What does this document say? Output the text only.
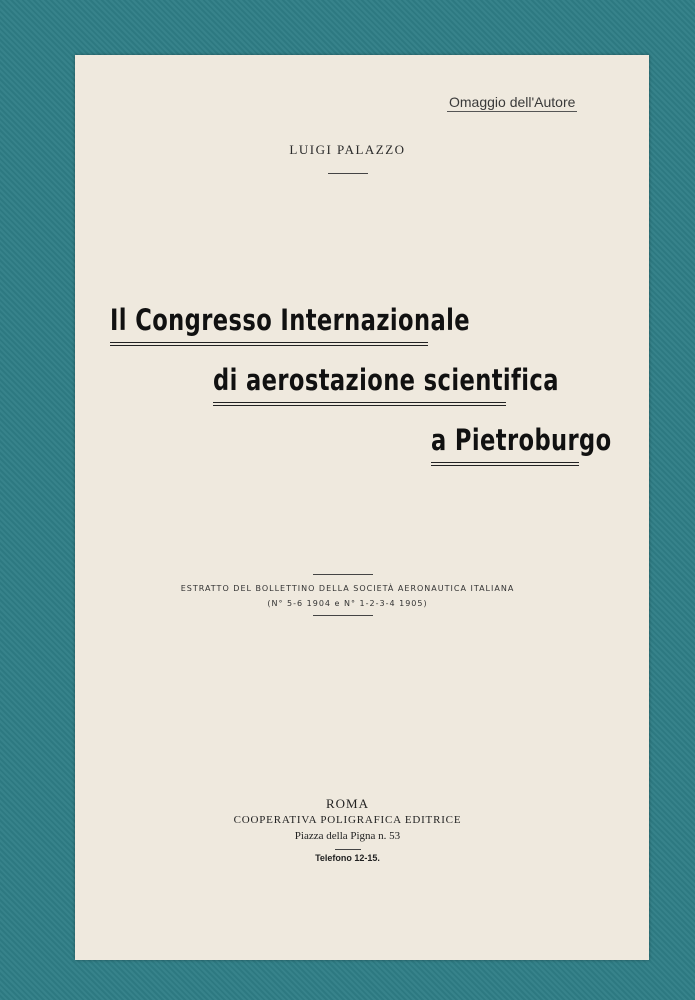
Omaggio dell'Autore
LUIGI PALAZZO
Il Congresso Internazionale
di aerostazione scientifica
a Pietroburgo
ESTRATTO DEL BOLLETTINO DELLA SOCIETÀ AERONAUTICA ITALIANA
(N° 5-6 1904 e N° 1-2-3-4 1905)
ROMA
COOPERATIVA POLIGRAFICA EDITRICE
Piazza della Pigna n. 53
Telefono 12-15.
